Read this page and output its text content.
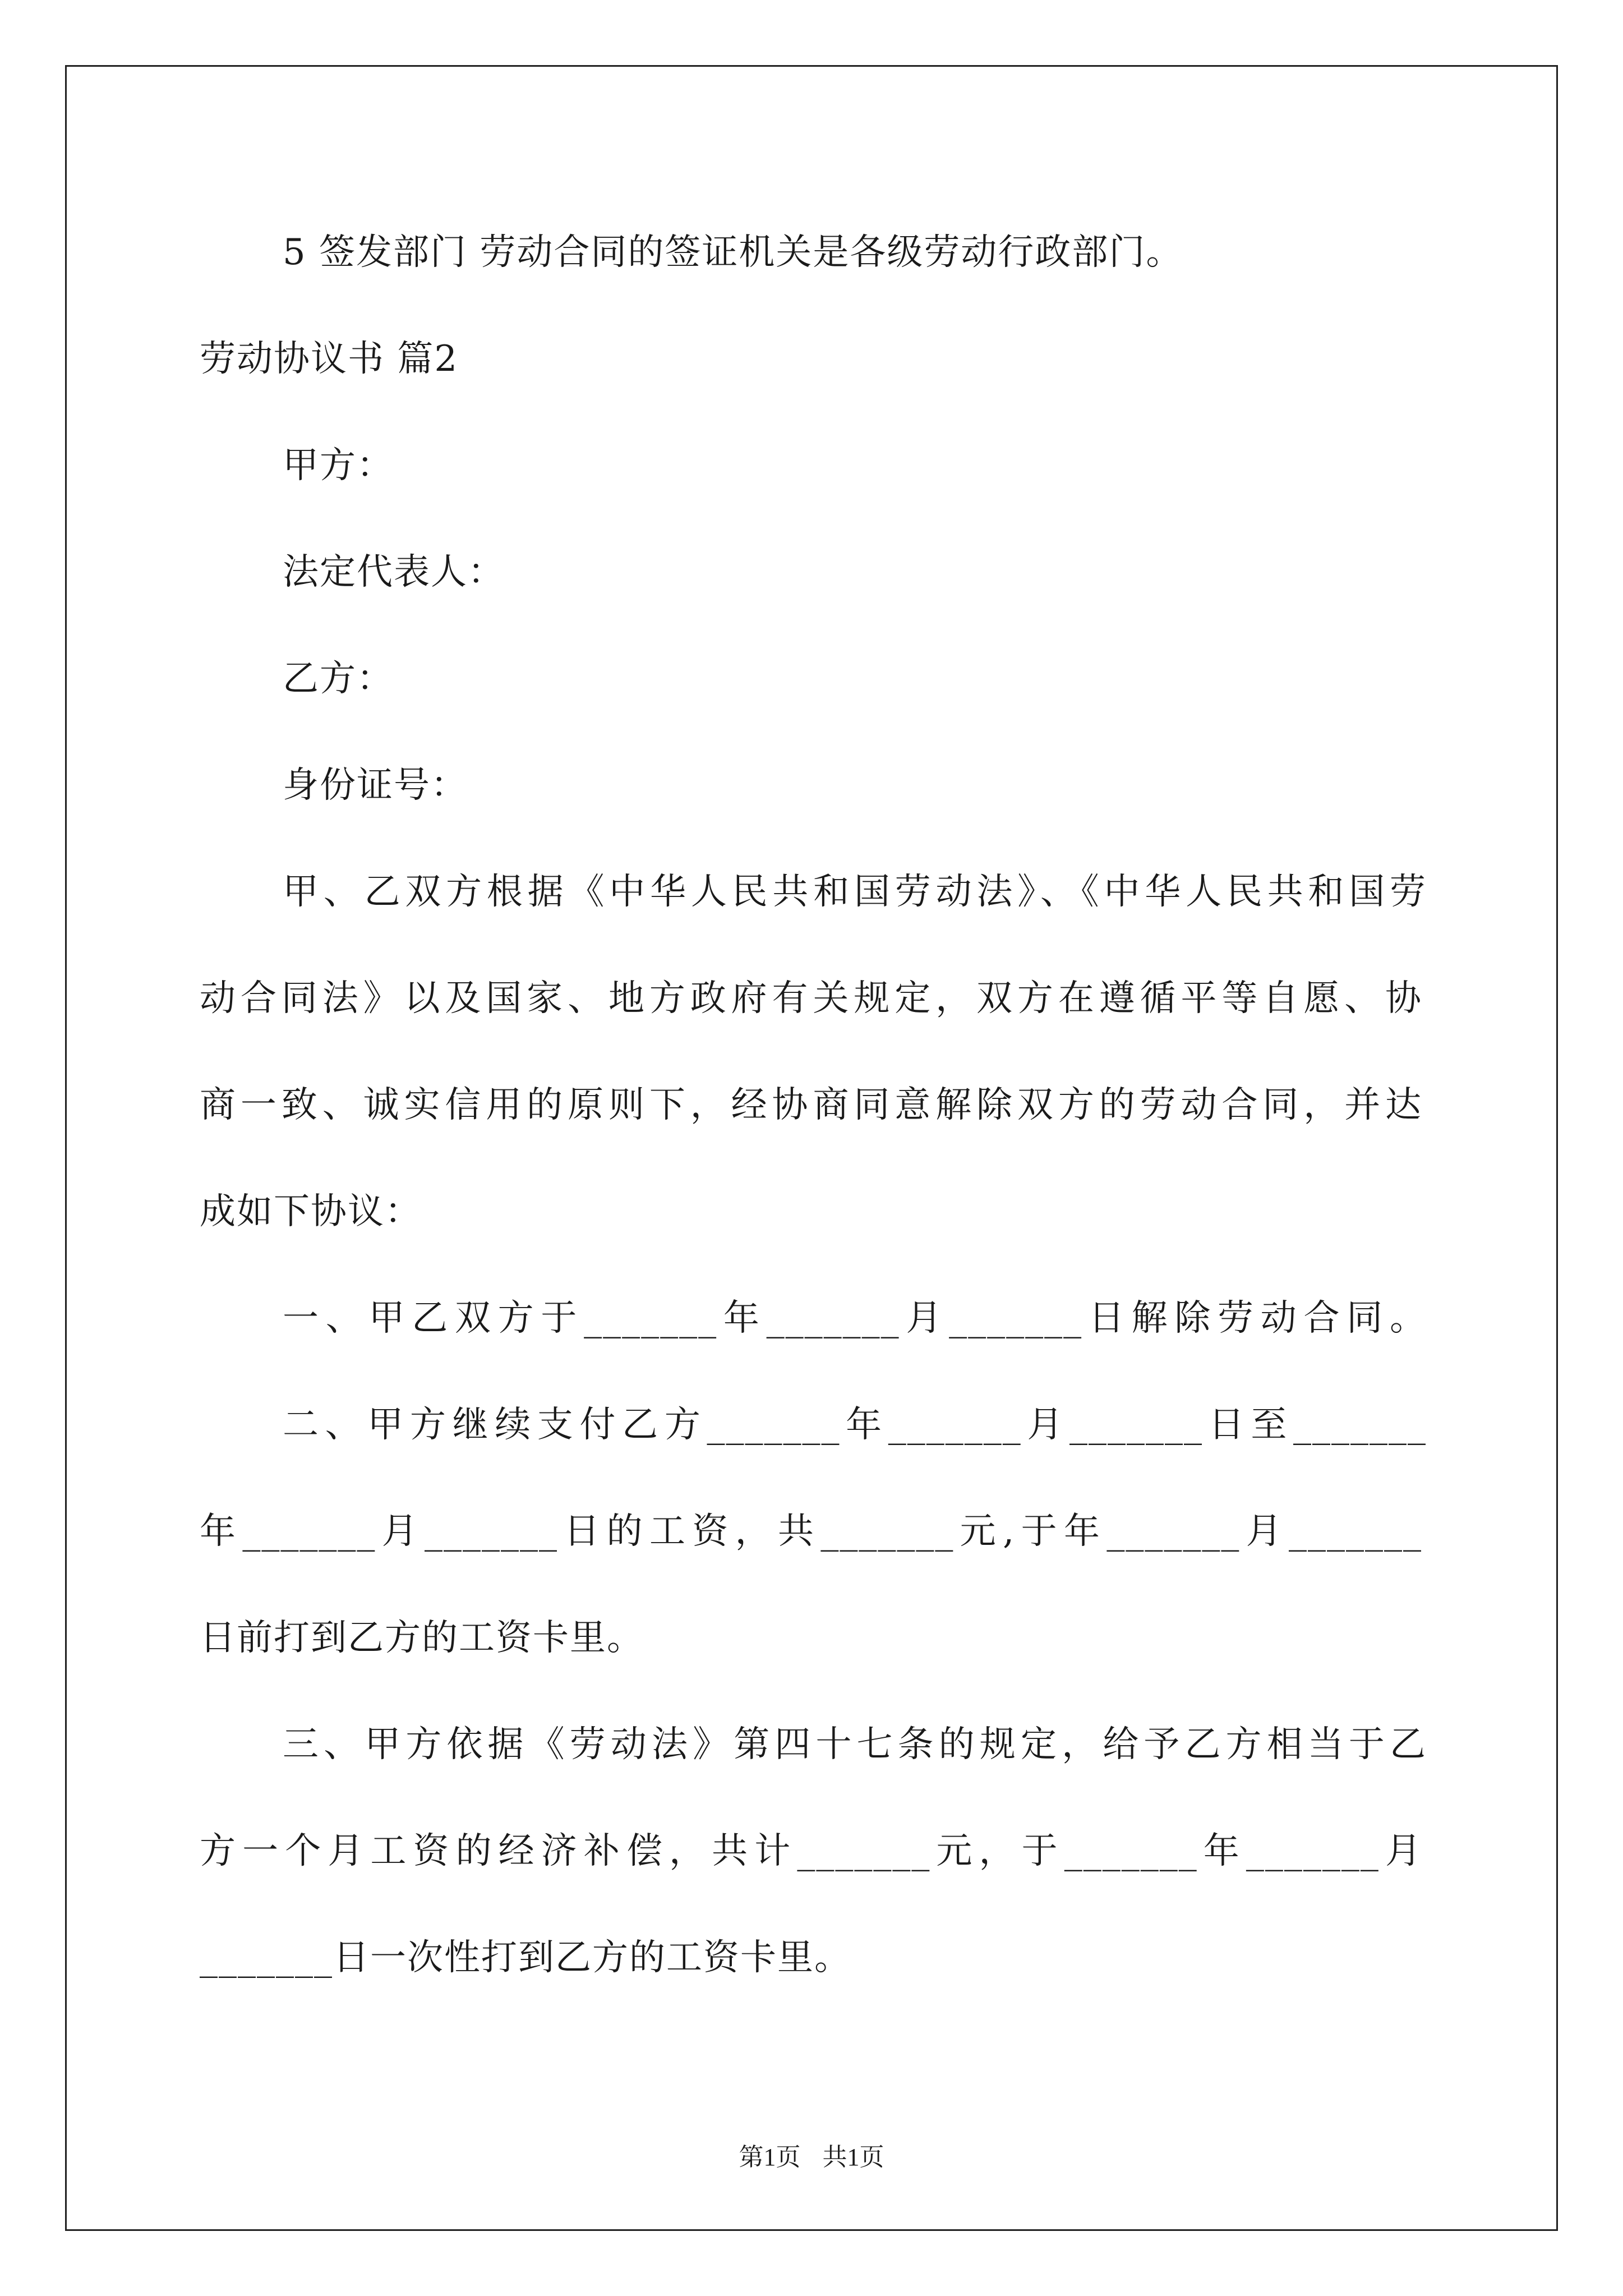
5 签发部门 劳动合同的签证机关是各级劳动行政部门。
劳动协议书 篇2
甲方：
法定代表人：
乙方：
身份证号：
甲、乙双方根据《中华人民共和国劳动法》、《中华人民共和国劳
动合同法》以及国家、地方政府有关规定，双方在遵循平等自愿、协
商一致、诚实信用的原则下，经协商同意解除双方的劳动合同，并达
成如下协议：
一、甲乙双方于_______年_______月_______日解除劳动合同。
二、甲方继续支付乙方_______年_______月_______日至_______
年_______月_______日的工资，共_______元,于年_______月_______
日前打到乙方的工资卡里。
三、甲方依据《劳动法》第四十七条的规定，给予乙方相当于乙
方一个月工资的经济补偿，共计_______元，于_______年_______月
_______日一次性打到乙方的工资卡里。
第1页 共1页
